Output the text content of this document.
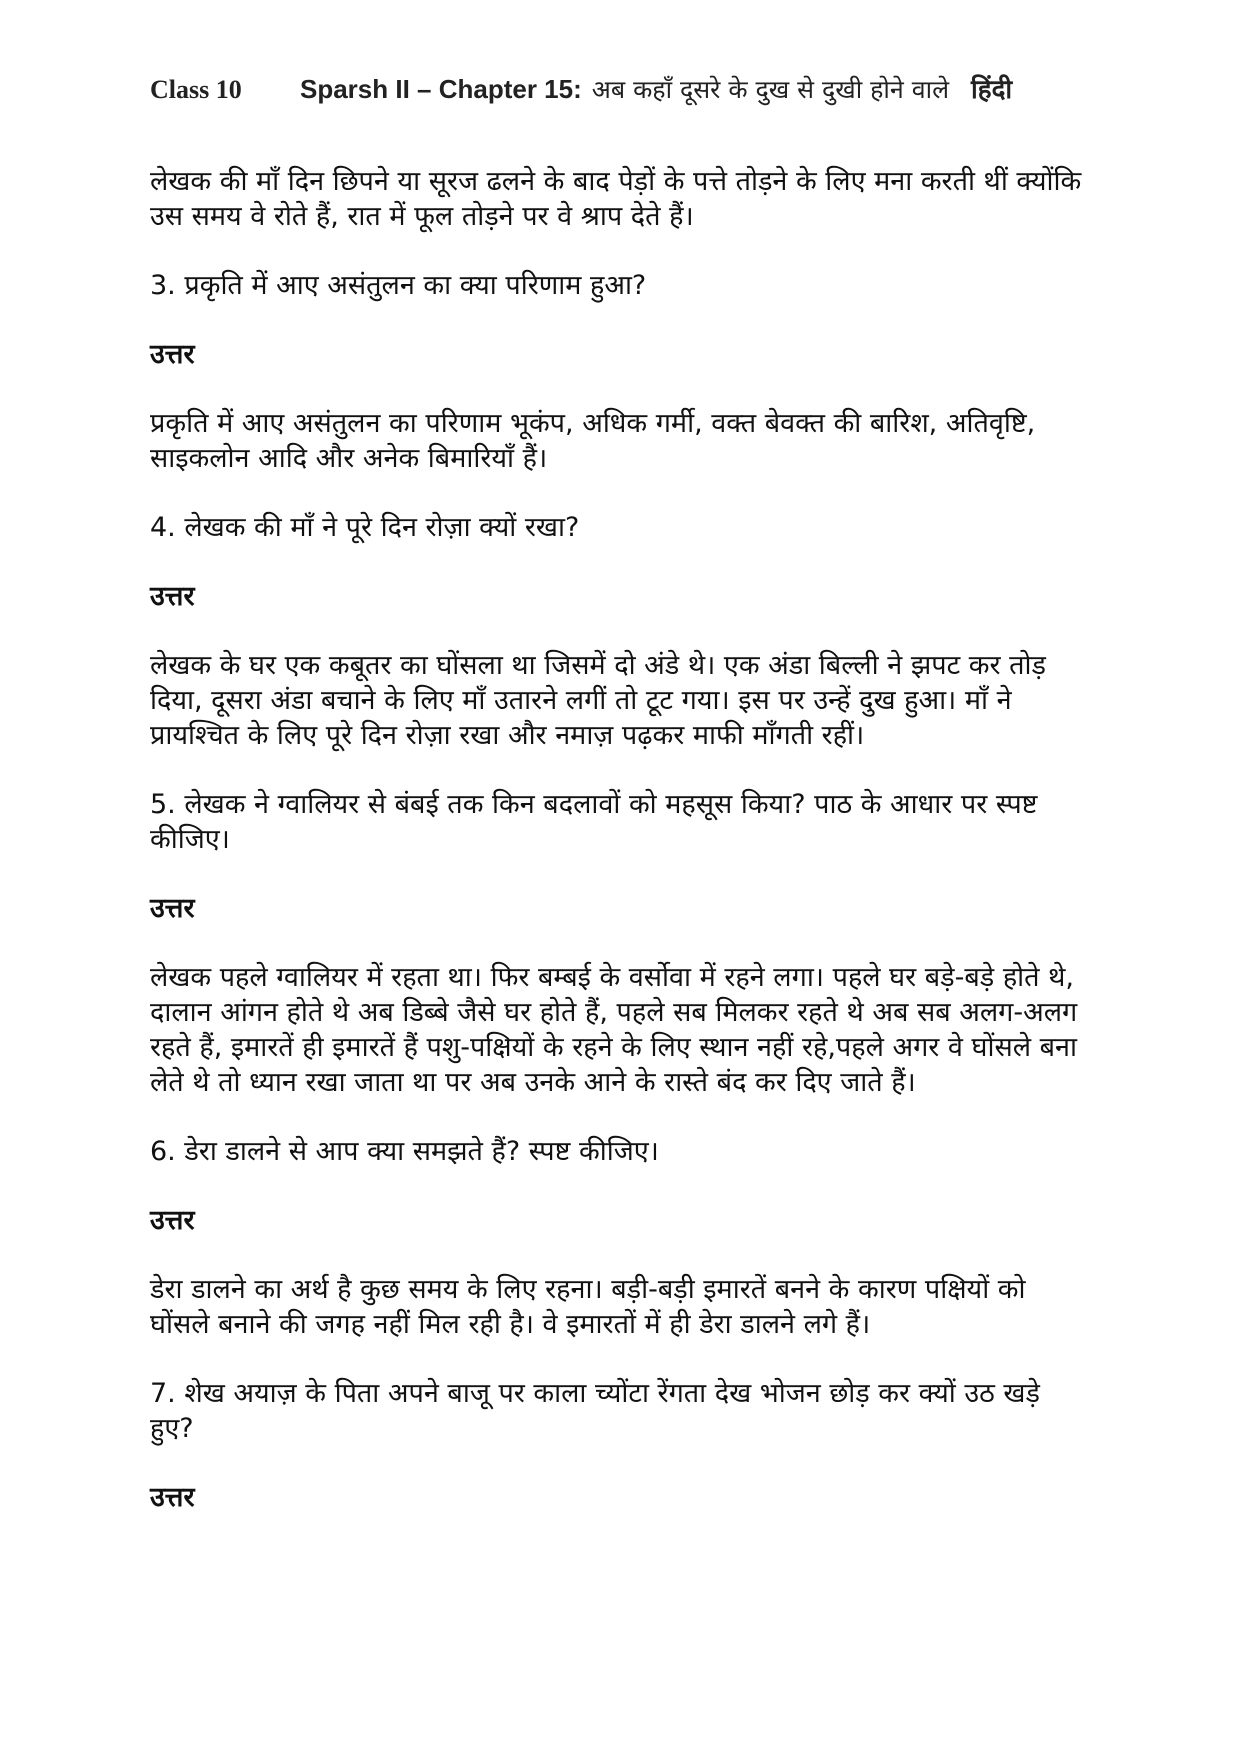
Class 10	Sparsh II – Chapter 15: अब कहाँ दूसरे के दुख से दुखी होने वाले हिंदी

लेखक की माँ दिन छिपने या सूरज ढलने के बाद पेड़ों के पत्ते तोड़ने के लिए मना करती थीं क्योंकि उस समय वे रोते हैं, रात में फूल तोड़ने पर वे श्राप देते हैं।

3. प्रकृति में आए असंतुलन का क्या परिणाम हुआ?

उत्तर

प्रकृति में आए असंतुलन का परिणाम भूकंप, अधिक गर्मी, वक्त बेवक्त की बारिश, अतिवृष्टि, साइकलोन आदि और अनेक बिमारियाँ हैं।

4. लेखक की माँ ने पूरे दिन रोज़ा क्यों रखा?

उत्तर

लेखक के घर एक कबूतर का घोंसला था जिसमें दो अंडे थे। एक अंडा बिल्ली ने झपट कर तोड़ दिया, दूसरा अंडा बचाने के लिए माँ उतारने लगीं तो टूट गया। इस पर उन्हें दुख हुआ। माँ ने प्रायश्चित के लिए पूरे दिन रोज़ा रखा और नमाज़ पढ़कर माफी माँगती रहीं।

5. लेखक ने ग्वालियर से बंबई तक किन बदलावों को महसूस किया? पाठ के आधार पर स्पष्ट कीजिए।

उत्तर

लेखक पहले ग्वालियर में रहता था। फिर बम्बई के वर्सोवा में रहने लगा। पहले घर बड़े-बड़े होते थे, दालान आंगन होते थे अब डिब्बे जैसे घर होते हैं, पहले सब मिलकर रहते थे अब सब अलग-अलग रहते हैं, इमारतें ही इमारतें हैं पशु-पक्षियों के रहने के लिए स्थान नहीं रहे,पहले अगर वे घोंसले बना लेते थे तो ध्यान रखा जाता था पर अब उनके आने के रास्ते बंद कर दिए जाते हैं।

6. डेरा डालने से आप क्या समझते हैं? स्पष्ट कीजिए।

उत्तर

डेरा डालने का अर्थ है कुछ समय के लिए रहना। बड़ी-बड़ी इमारतें बनने के कारण पक्षियों को घोंसले बनाने की जगह नहीं मिल रही है। वे इमारतों में ही डेरा डालने लगे हैं।

7. शेख अयाज़ के पिता अपने बाजू पर काला च्योंटा रेंगता देख भोजन छोड़ कर क्यों उठ खड़े हुए?

उत्तर
